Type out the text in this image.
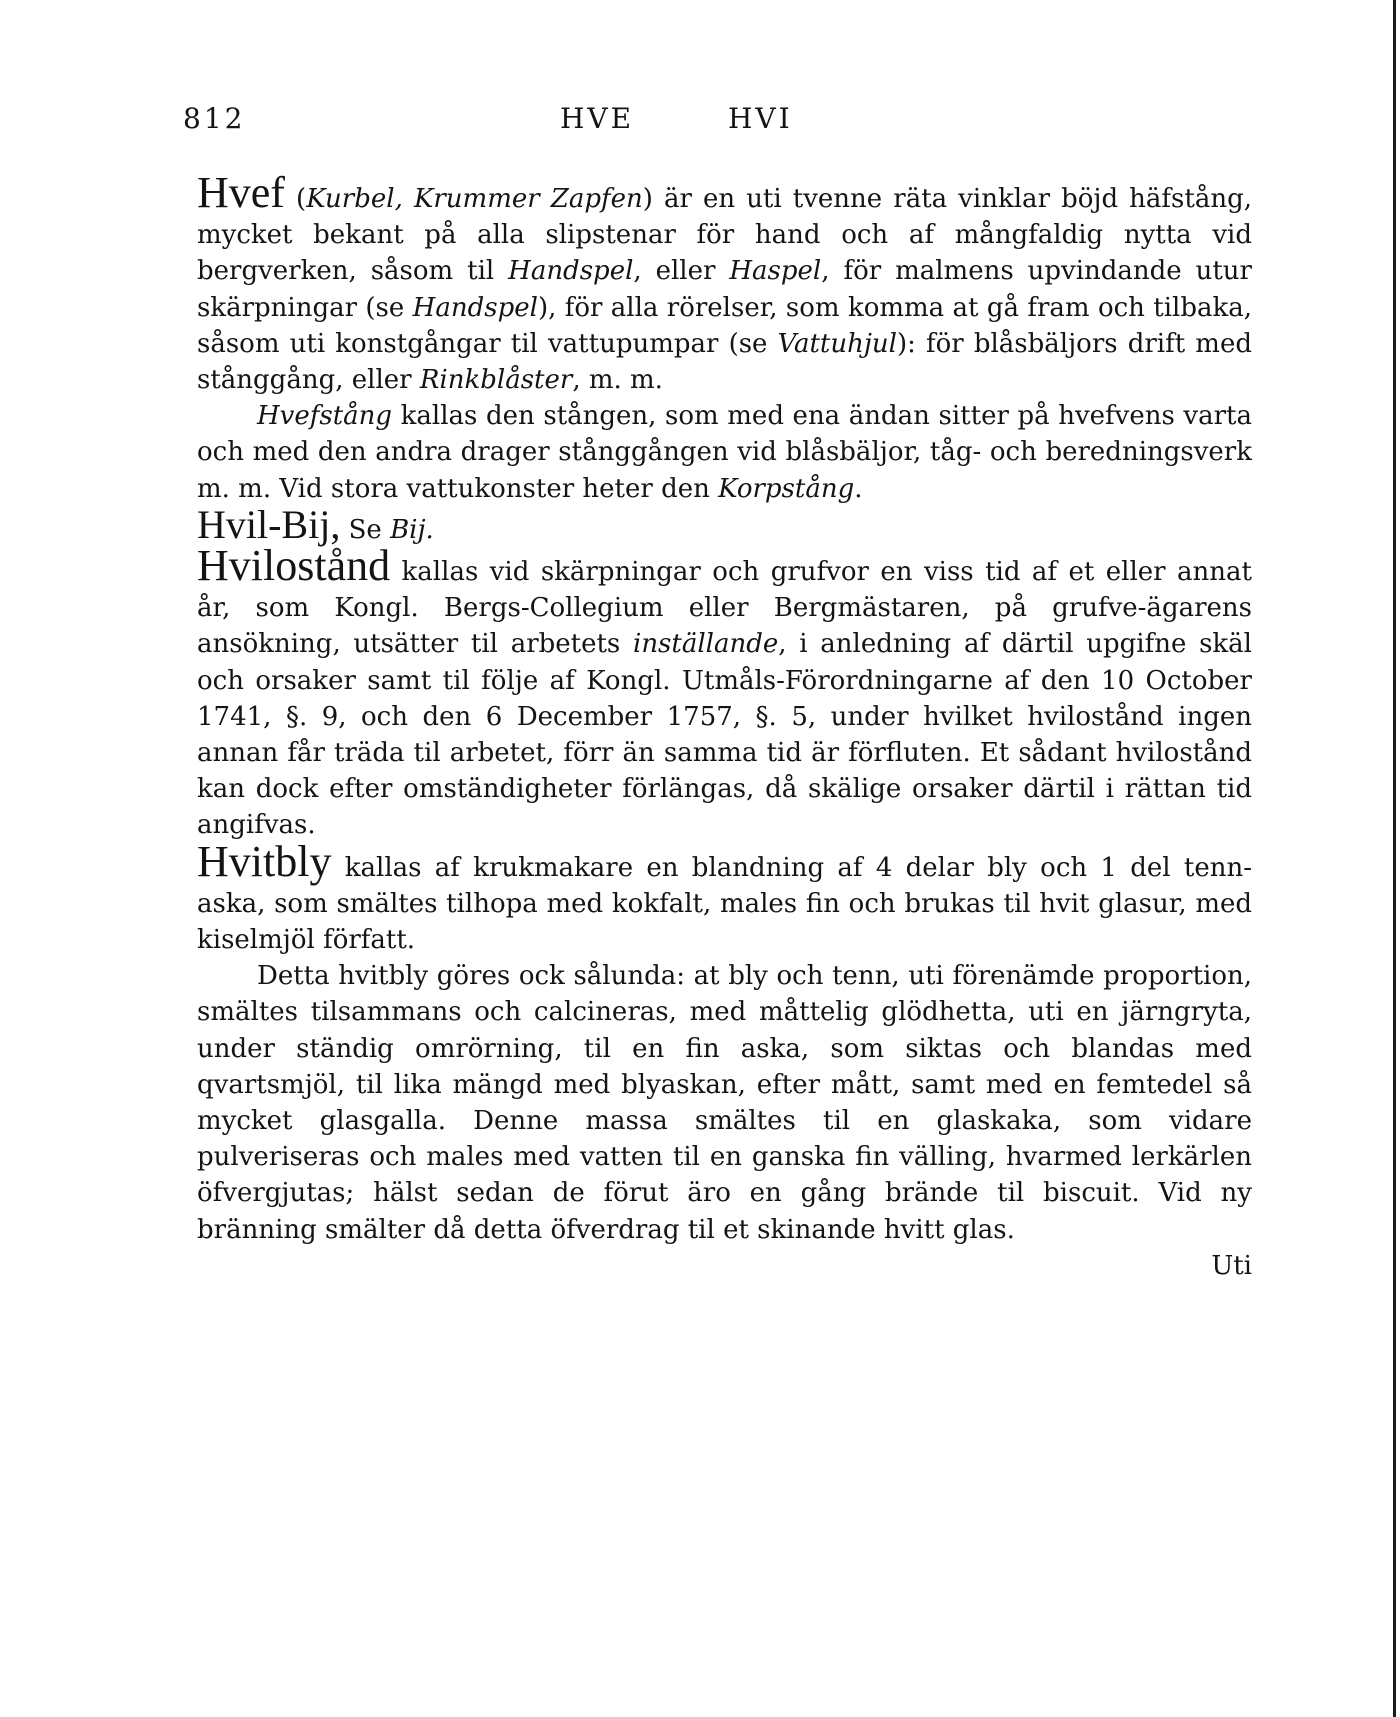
812	HVE	HVI

Hvef (Kurbel, Krummer Zapfen) är en uti tvenne räta vinklar böjd häfstång, mycket bekant på alla slipstenar för hand och af mångfaldig nytta vid bergverken, såsom til Handspel, eller Haspel, för malmens upvindande utur skärpningar (se Handspel), för alla rörelser, som komma at gå fram och tilbaka, såsom uti konstgångar til vattupumpar (se Vattuhjul): för blåsbäljors drift med stånggång, eller Rinkblåster, m. m.

Hvefstång kallas den stången, som med ena ändan sitter på hvefvens varta och med den andra drager stånggången vid blåsbäljor, tåg- och beredningsverk m. m. Vid stora vattukonster heter den Korpstång.

Hvil-Bij, Se Bij.

Hvilostånd kallas vid skärpningar och grufvor en viss tid af et eller annat år, som Kongl. Bergs-Collegium eller Bergmästaren, på grufve-ägarens ansökning, utsätter til arbetets inställande, i anledning af därtil upgifne skäl och orsaker samt til följe af Kongl. Utmåls-Förordningarne af den 10 October 1741, §. 9, och den 6 December 1757, §. 5, under hvilket hvilostånd ingen annan får träda til arbetet, förr än samma tid är förfluten. Et sådant hvilostånd kan dock efter omständigheter förlängas, då skälige orsaker därtil i rättan tid angifvas.

Hvitbly kallas af krukmakare en blandning af 4 delar bly och 1 del tenn-aska, som smältes tilhopa med kokfalt, males fin och brukas til hvit glasur, med kiselmjöl författ.

Detta hvitbly göres ock sålunda: at bly och tenn, uti förenämde proportion, smältes tilsammans och calcineras, med måttelig glödhetta, uti en järngryta, under ständig omrörning, til en fin aska, som siktas och blandas med qvartsmjöl, til lika mängd med blyaskan, efter mått, samt med en femtedel så mycket glasgalla. Denne massa smältes til en glaskaka, som vidare pulveriseras och males med vatten til en ganska fin välling, hvarmed lerkärlen öfvergjutas; hälst sedan de förut äro en gång brände til biscuit. Vid ny bränning smälter då detta öfverdrag til et skinande hvitt glas.

Uti
